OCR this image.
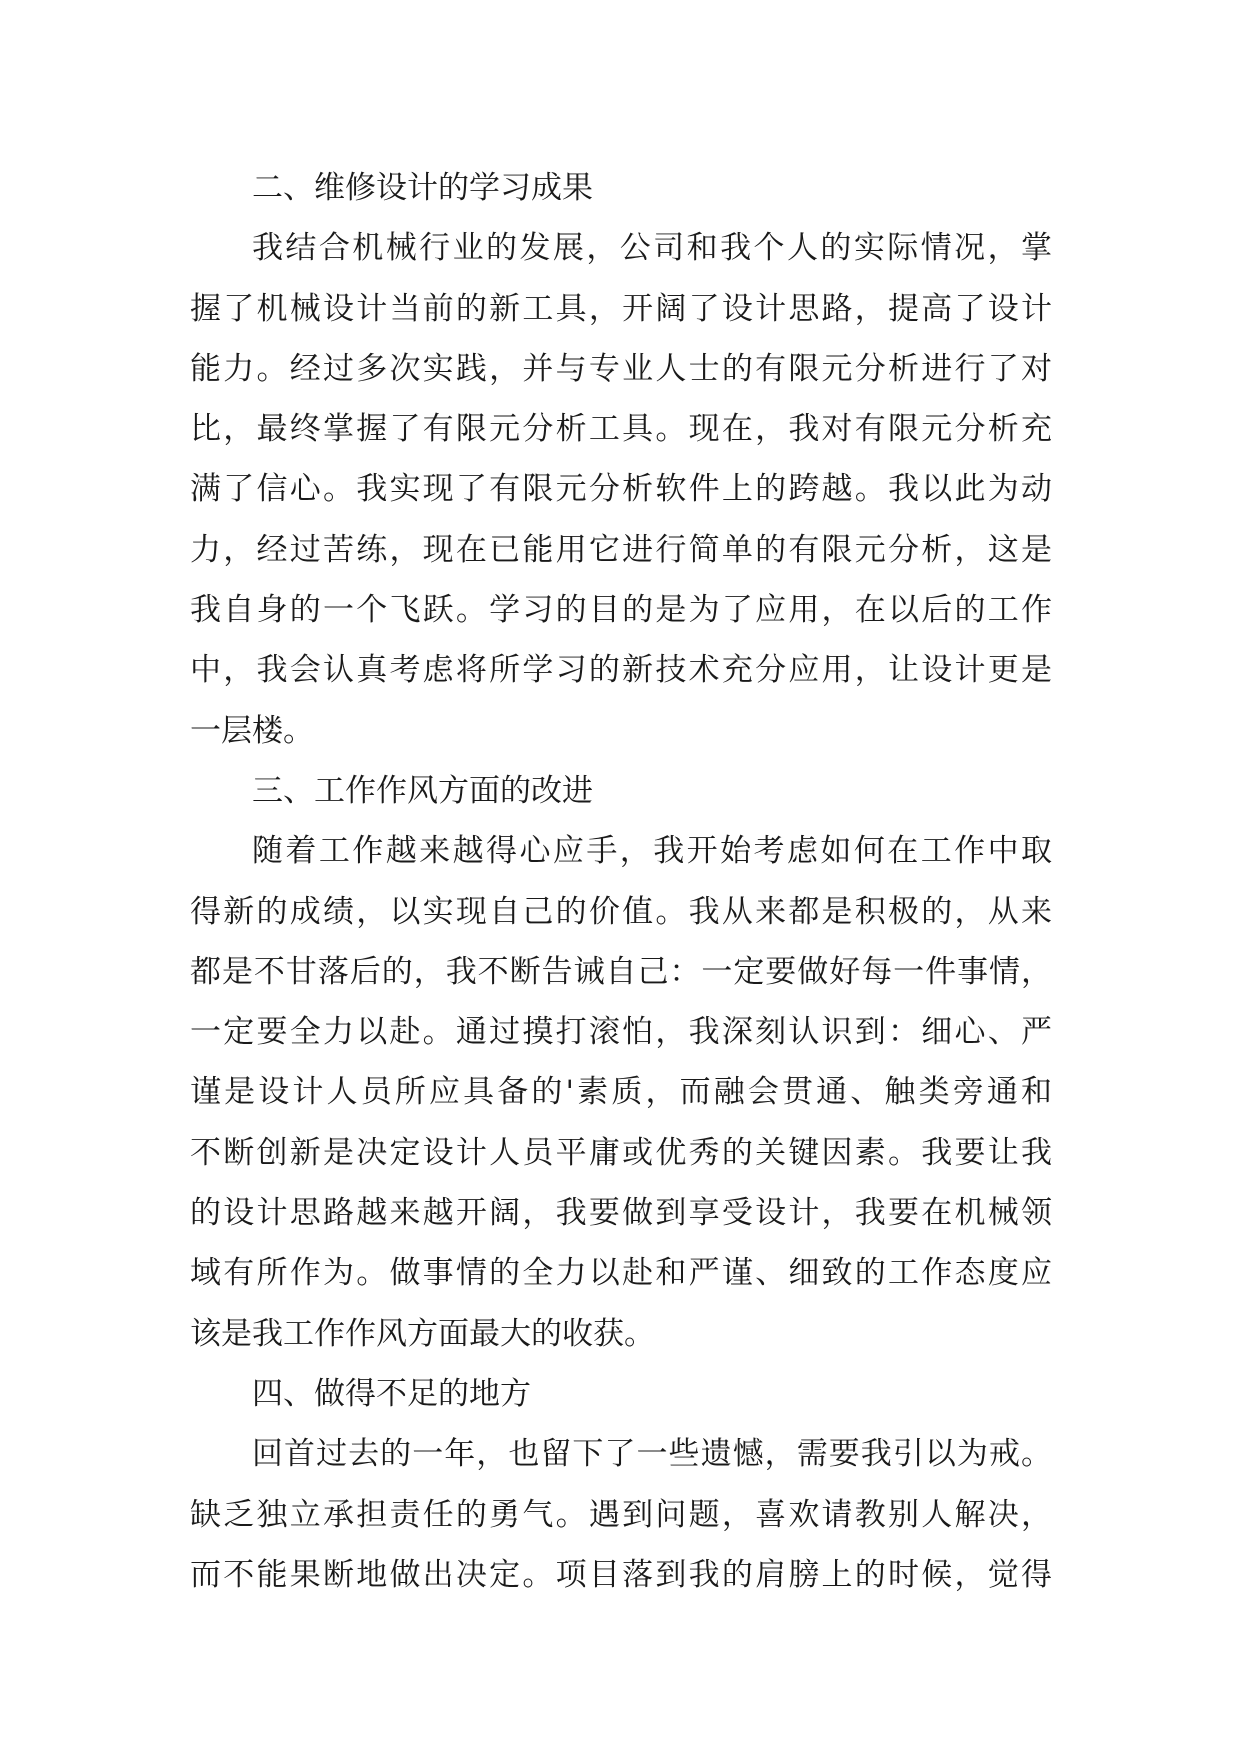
二、维修设计的学习成果
我结合机械行业的发展，公司和我个人的实际情况，掌
握了机械设计当前的新工具，开阔了设计思路，提高了设计
能力。经过多次实践，并与专业人士的有限元分析进行了对
比，最终掌握了有限元分析工具。现在，我对有限元分析充
满了信心。我实现了有限元分析软件上的跨越。我以此为动
力，经过苦练，现在已能用它进行简单的有限元分析，这是
我自身的一个飞跃。学习的目的是为了应用，在以后的工作
中，我会认真考虑将所学习的新技术充分应用，让设计更是
一层楼。
三、工作作风方面的改进
随着工作越来越得心应手，我开始考虑如何在工作中取
得新的成绩，以实现自己的价值。我从来都是积极的，从来
都是不甘落后的，我不断告诫自己：一定要做好每一件事情，
一定要全力以赴。通过摸打滚怕，我深刻认识到：细心、严
谨是设计人员所应具备的'素质，而融会贯通、触类旁通和
不断创新是决定设计人员平庸或优秀的关键因素。我要让我
的设计思路越来越开阔，我要做到享受设计，我要在机械领
域有所作为。做事情的全力以赴和严谨、细致的工作态度应
该是我工作作风方面最大的收获。
四、做得不足的地方
回首过去的一年，也留下了一些遗憾，需要我引以为戒。
缺乏独立承担责任的勇气。遇到问题，喜欢请教别人解决，
而不能果断地做出决定。项目落到我的肩膀上的时候，觉得
